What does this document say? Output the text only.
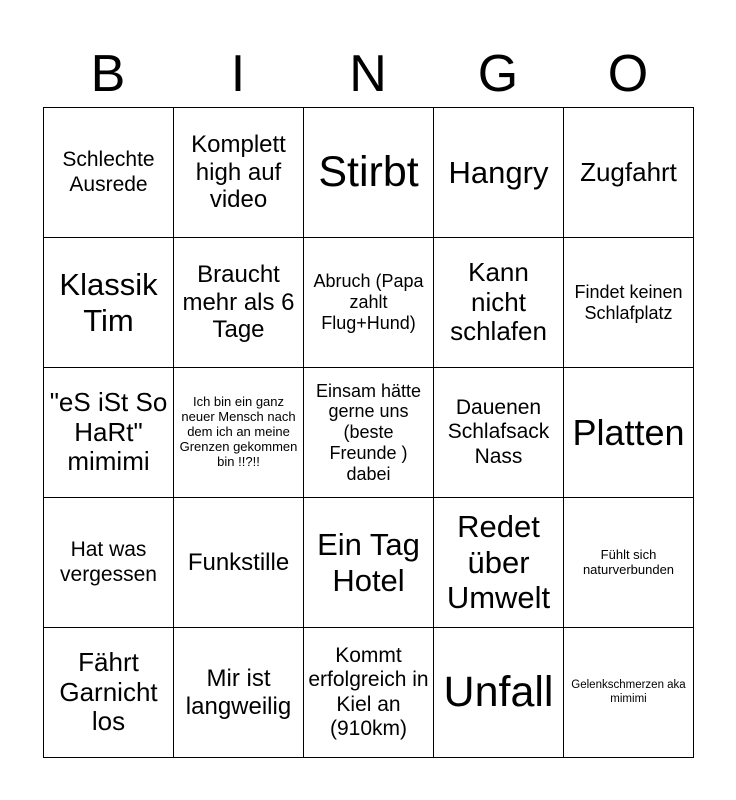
B	I	N	G	O
Schlechte Ausrede	Komplett high auf video	Stirbt	Hangry	Zugfahrt
Klassik Tim	Braucht mehr als 6 Tage	Abruch (Papa zahlt Flug+Hund)	Kann nicht schlafen	Findet keinen Schlafplatz
"eS iSt So HaRt" mimimi	Ich bin ein ganz neuer Mensch nach dem ich an meine Grenzen gekommen bin !!?!!	Einsam hätte gerne uns (beste Freunde ) dabei	Dauenen Schlafsack Nass	Platten
Hat was vergessen	Funkstille	Ein Tag Hotel	Redet über Umwelt	Fühlt sich naturverbunden
Fährt Garnicht los	Mir ist langweilig	Kommt erfolgreich in Kiel an (910km)	Unfall	Gelenkschmerzen aka mimimi
